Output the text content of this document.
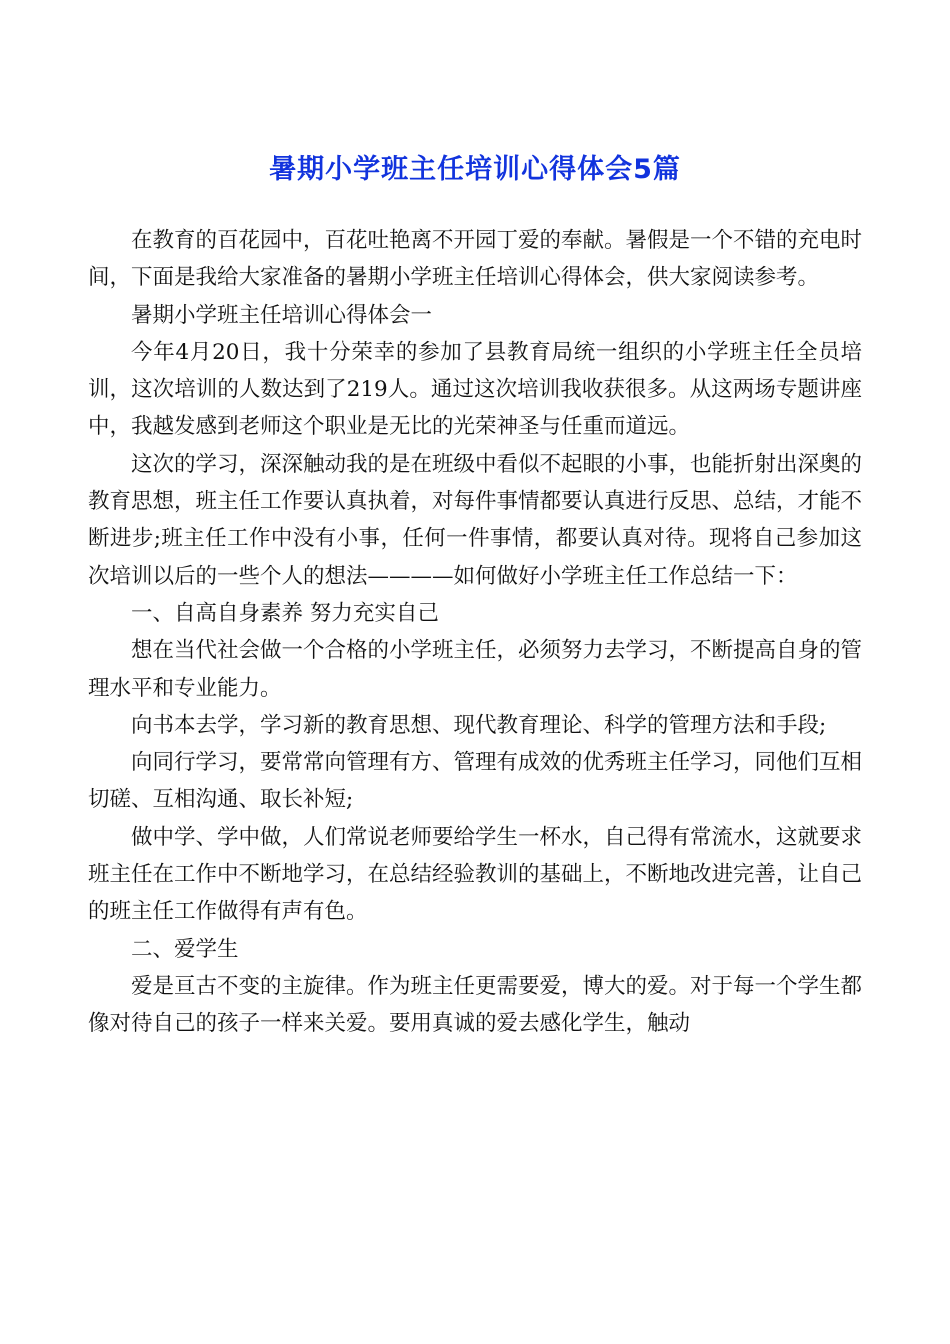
暑期小学班主任培训心得体会5篇

在教育的百花园中，百花吐艳离不开园丁爱的奉献。暑假是一个不错的充电时间，下面是我给大家准备的暑期小学班主任培训心得体会，供大家阅读参考。

暑期小学班主任培训心得体会一

今年4月20日，我十分荣幸的参加了县教育局统一组织的小学班主任全员培训，这次培训的人数达到了219人。通过这次培训我收获很多。从这两场专题讲座中，我越发感到老师这个职业是无比的光荣神圣与任重而道远。

这次的学习，深深触动我的是在班级中看似不起眼的小事，也能折射出深奥的教育思想，班主任工作要认真执着，对每件事情都要认真进行反思、总结，才能不断进步;班主任工作中没有小事，任何一件事情，都要认真对待。现将自己参加这次培训以后的一些个人的想法————如何做好小学班主任工作总结一下：

一、自高自身素养 努力充实自己

想在当代社会做一个合格的小学班主任，必须努力去学习，不断提高自身的管理水平和专业能力。

向书本去学，学习新的教育思想、现代教育理论、科学的管理方法和手段;

向同行学习，要常常向管理有方、管理有成效的优秀班主任学习，同他们互相切磋、互相沟通、取长补短;

做中学、学中做，人们常说老师要给学生一杯水，自己得有常流水，这就要求班主任在工作中不断地学习，在总结经验教训的基础上，不断地改进完善，让自己的班主任工作做得有声有色。

二、爱学生

爱是亘古不变的主旋律。作为班主任更需要爱，博大的爱。对于每一个学生都像对待自己的孩子一样来关爱。要用真诚的爱去感化学生，触动
